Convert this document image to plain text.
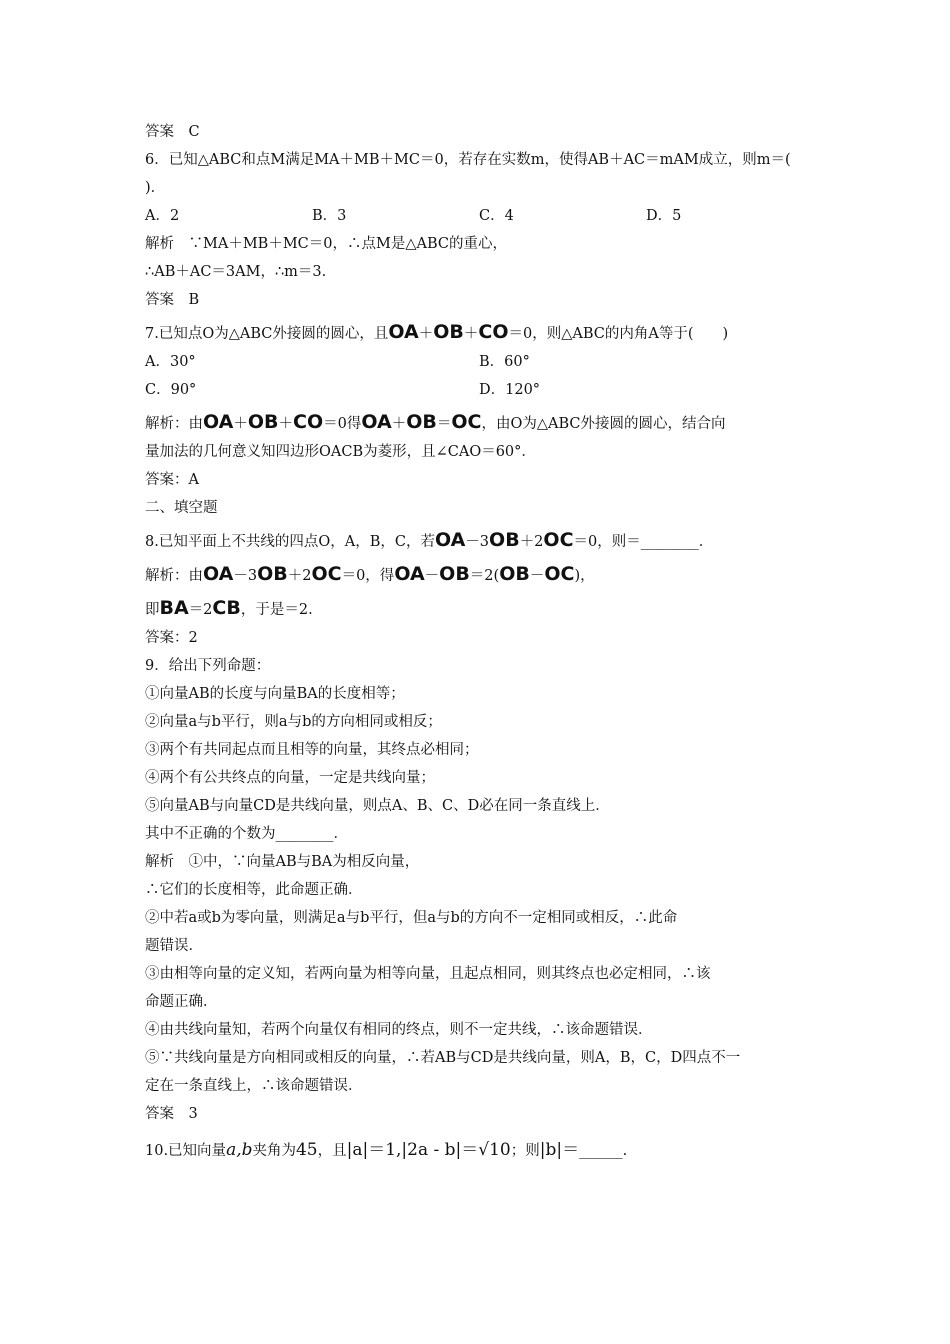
答案　C
6．已知△ABC和点M满足MA＋MB＋MC＝0，若存在实数m，使得AB＋AC＝mAM成立，则m＝(
)．
A．2	B．3	C．4	D．5
解析　∵MA＋MB＋MC＝0，∴点M是△ABC的重心，
∴AB＋AC＝3AM，∴m＝3.
答案　B
7.已知点O为△ABC外接圆的圆心，且OA＋OB＋CO＝0，则△ABC的内角A等于(　　)
A．30°	B．60°
C．90°	D．120°
解析：由OA＋OB＋CO＝0得OA＋OB＝OC，由O为△ABC外接圆的圆心，结合向
量加法的几何意义知四边形OACB为菱形，且∠CAO＝60°．
答案：A
二、填空题
8.已知平面上不共线的四点O，A，B，C，若OA－3OB＋2OC＝0，则＝________．
解析：由OA－3OB＋2OC＝0，得OA－OB＝2(OB－OC)，
即BA＝2CB，于是＝2.
答案：2
9．给出下列命题：
①向量AB的长度与向量BA的长度相等；
②向量a与b平行，则a与b的方向相同或相反；
③两个有共同起点而且相等的向量，其终点必相同；
④两个有公共终点的向量，一定是共线向量；
⑤向量AB与向量CD是共线向量，则点A、B、C、D必在同一条直线上．
其中不正确的个数为________．
解析　①中，∵向量AB与BA为相反向量，
∴它们的长度相等，此命题正确．
②中若a或b为零向量，则满足a与b平行，但a与b的方向不一定相同或相反，∴此命
题错误．
③由相等向量的定义知，若两向量为相等向量，且起点相同，则其终点也必定相同，∴该
命题正确．
④由共线向量知，若两个向量仅有相同的终点，则不一定共线，∴该命题错误．
⑤∵共线向量是方向相同或相反的向量，∴若AB与CD是共线向量，则A，B，C，D四点不一
定在一条直线上，∴该命题错误．
答案　3
10.已知向量a,b夹角为45，且|a|＝1,|2a - b|＝√10；则|b|＝______.
